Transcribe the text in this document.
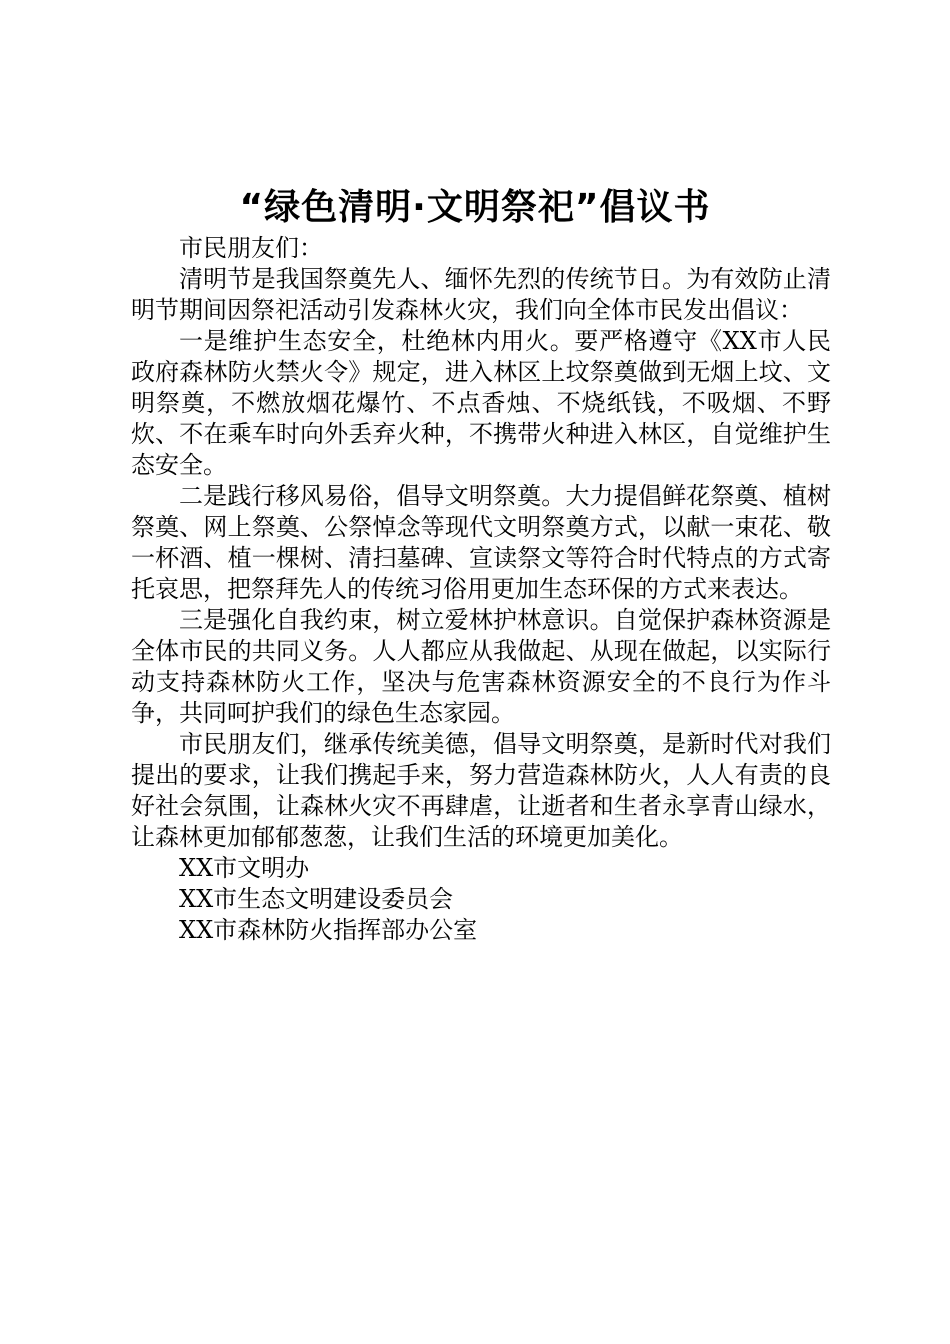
“绿色清明·文明祭祀”倡议书

市民朋友们：

清明节是我国祭奠先人、缅怀先烈的传统节日。为有效防止清明节期间因祭祀活动引发森林火灾，我们向全体市民发出倡议：

一是维护生态安全，杜绝林内用火。要严格遵守《XX市人民政府森林防火禁火令》规定，进入林区上坟祭奠做到无烟上坟、文明祭奠，不燃放烟花爆竹、不点香烛、不烧纸钱，不吸烟、不野炊、不在乘车时向外丢弃火种，不携带火种进入林区，自觉维护生态安全。

二是践行移风易俗，倡导文明祭奠。大力提倡鲜花祭奠、植树祭奠、网上祭奠、公祭悼念等现代文明祭奠方式，以献一束花、敬一杯酒、植一棵树、清扫墓碑、宣读祭文等符合时代特点的方式寄托哀思，把祭拜先人的传统习俗用更加生态环保的方式来表达。

三是强化自我约束，树立爱林护林意识。自觉保护森林资源是全体市民的共同义务。人人都应从我做起、从现在做起，以实际行动支持森林防火工作，坚决与危害森林资源安全的不良行为作斗争，共同呵护我们的绿色生态家园。

市民朋友们，继承传统美德，倡导文明祭奠，是新时代对我们提出的要求，让我们携起手来，努力营造森林防火，人人有责的良好社会氛围，让森林火灾不再肆虐，让逝者和生者永享青山绿水，让森林更加郁郁葱葱，让我们生活的环境更加美化。

XX市文明办
XX市生态文明建设委员会
XX市森林防火指挥部办公室
